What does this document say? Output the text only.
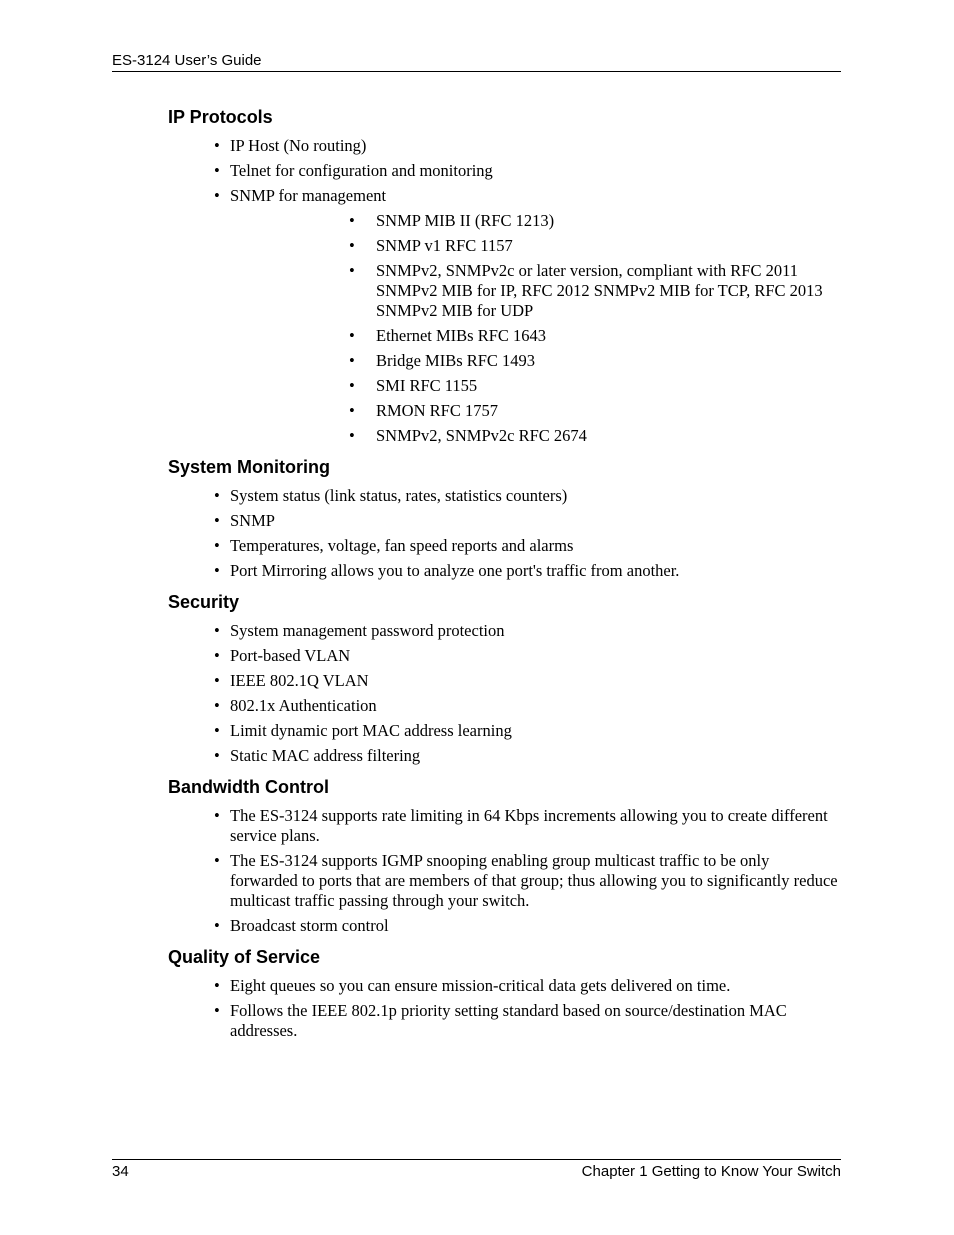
ES-3124 User’s Guide
IP Protocols
• IP Host (No routing)
• Telnet for configuration and monitoring
• SNMP for management
• SNMP MIB II (RFC 1213)
• SNMP v1 RFC 1157
• SNMPv2, SNMPv2c or later version, compliant with RFC 2011 SNMPv2 MIB for IP, RFC 2012 SNMPv2 MIB for TCP, RFC 2013 SNMPv2 MIB for UDP
• Ethernet MIBs RFC 1643
• Bridge MIBs RFC 1493
• SMI RFC 1155
• RMON RFC 1757
• SNMPv2, SNMPv2c RFC 2674
System Monitoring
• System status (link status, rates, statistics counters)
• SNMP
• Temperatures, voltage, fan speed reports and alarms
• Port Mirroring allows you to analyze one port's traffic from another.
Security
• System management password protection
• Port-based VLAN
• IEEE 802.1Q VLAN
• 802.1x Authentication
• Limit dynamic port MAC address learning
• Static MAC address filtering
Bandwidth Control
• The ES-3124 supports rate limiting in 64 Kbps increments allowing you to create different service plans.
• The ES-3124 supports IGMP snooping enabling group multicast traffic to be only forwarded to ports that are members of that group; thus allowing you to significantly reduce multicast traffic passing through your switch.
• Broadcast storm control
Quality of Service
• Eight queues so you can ensure mission-critical data gets delivered on time.
• Follows the IEEE 802.1p priority setting standard based on source/destination MAC addresses.
34	Chapter 1 Getting to Know Your Switch
